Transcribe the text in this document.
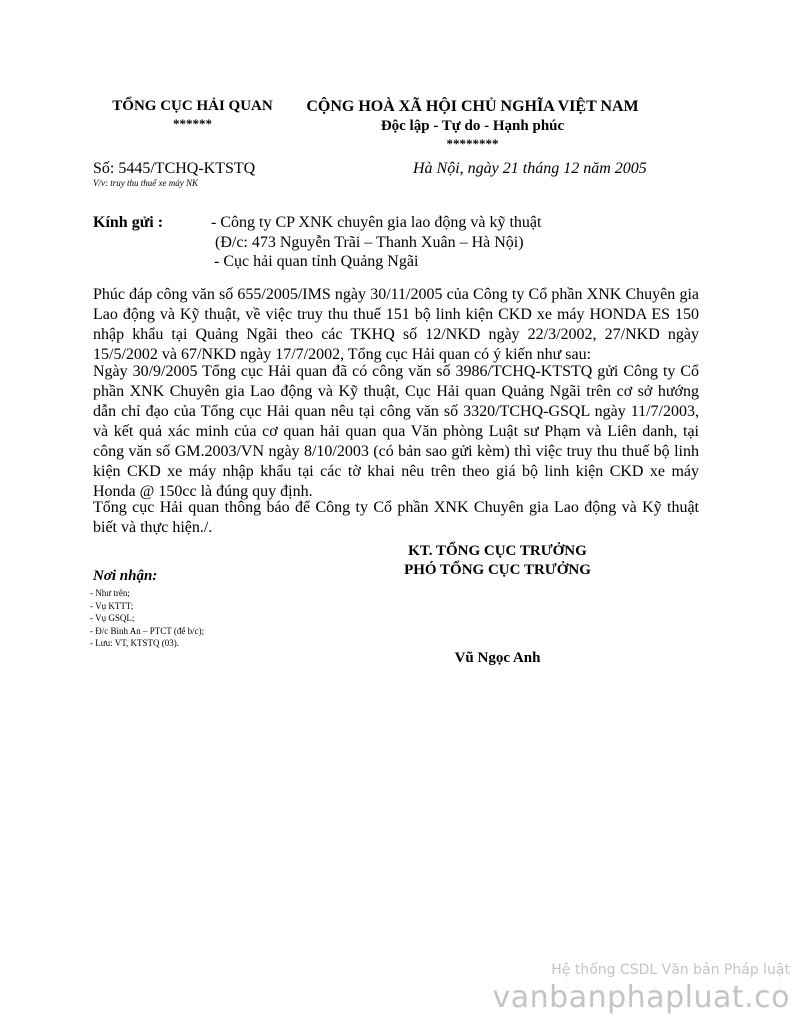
TỔNG CỤC HẢI QUAN
******
CỘNG HOÀ XÃ HỘI CHỦ NGHĨA VIỆT NAM
Độc lập - Tự do - Hạnh phúc
********
Số: 5445/TCHQ-KTSTQ
V/v: truy thu thuế xe máy NK
Hà Nội, ngày 21 tháng 12 năm 2005
Kính gửi :	- Công ty CP XNK chuyên gia lao động và kỹ thuật
(Đ/c: 473 Nguyễn Trãi – Thanh Xuân – Hà Nội)
- Cục hải quan tỉnh Quảng Ngãi
Phúc đáp công văn số 655/2005/IMS ngày 30/11/2005 của Công ty Cổ phần XNK Chuyên gia Lao động và Kỹ thuật, về việc truy thu thuế 151 bộ linh kiện CKD xe máy HONDA ES 150 nhập khẩu tại Quảng Ngãi theo các TKHQ số 12/NKD ngày 22/3/2002, 27/NKD ngày 15/5/2002 và 67/NKD ngày 17/7/2002, Tổng cục Hải quan có ý kiến như sau:
Ngày 30/9/2005 Tổng cục Hải quan đã có công văn số 3986/TCHQ-KTSTQ gửi Công ty Cổ phần XNK Chuyên gia Lao động và Kỹ thuật, Cục Hải quan Quảng Ngãi trên cơ sở hướng dẫn chỉ đạo của Tổng cục Hải quan nêu tại công văn số 3320/TCHQ-GSQL ngày 11/7/2003, và kết quả xác minh của cơ quan hải quan qua Văn phòng Luật sư Phạm và Liên danh, tại công văn số GM.2003/VN ngày 8/10/2003 (có bản sao gửi kèm) thì việc truy thu thuế bộ linh kiện CKD xe máy nhập khẩu tại các tờ khai nêu trên theo giá bộ linh kiện CKD xe máy Honda @ 150cc là đúng quy định.
Tổng cục Hải quan thông báo để Công ty Cổ phần XNK Chuyên gia Lao động và Kỹ thuật biết và thực hiện./.
KT. TỔNG CỤC TRƯỞNG
PHÓ TỔNG CỤC TRƯỞNG
Vũ Ngọc Anh
Nơi nhận:
- Như trên;
- Vụ KTTT;
- Vụ GSQL;
- Đ/c Bình An – PTCT (để b/c);
- Lưu: VT, KTSTQ (03).
Hệ thống CSDL Văn bản Pháp luật
vanbanphapluat.co
